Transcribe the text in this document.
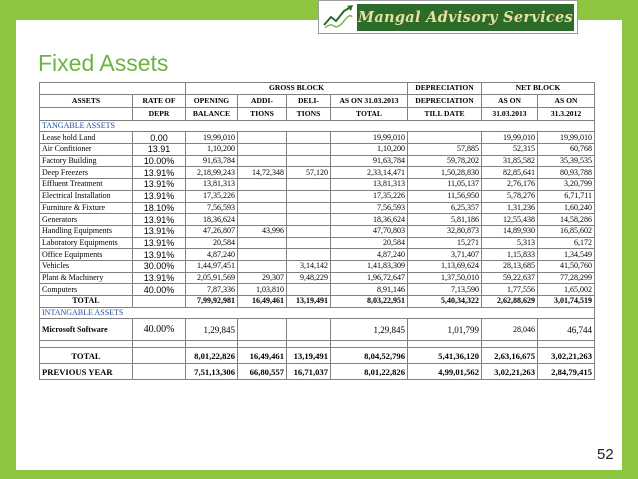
Mangal Advisory Services
Fixed Assets
		GROSS BLOCK				DEPRECIATION	NET BLOCK	
ASSETS	RATE OF	OPENING	ADDI-	DELI-	AS ON 31.03.2013	DEPRECIATION	AS ON	AS ON
	DEPR	BALANCE	TIONS	TIONS	TOTAL	TILL DATE	31.03.2013	31.3.2012
TANGABLE ASSETS								
Lease hold Land	0.00	19,99,010			19,99,010		19,99,010	19,99,010
Air Confitioner	13.91	1,10,200			1,10,200	57,885	52,315	60,768
Factory Building	10.00%	91,63,784			91,63,784	59,78,202	31,85,582	35,39,535
Deep Freezers	13.91%	2,18,99,243	14,72,348	57,120	2,33,14,471	1,50,28,830	82,85,641	80,93,788
Effluent Treatment	13.91%	13,81,313			13,81,313	11,05,137	2,76,176	3,20,799
Electrical Installation	13.91%	17,35,226			17,35,226	11,56,950	5,78,276	6,71,711
Furniture & Fixture	18.10%	7,56,593			7,56,593	6,25,357	1,31,236	1,60,240
Generators	13.91%	18,36,624			18,36,624	5,81,186	12,55,438	14,58,286
Handling Equipments	13.91%	47,26,807	43,996		47,70,803	32,80,873	14,89,930	16,85,602
Laboratory Equipments	13.91%	20,584			20,584	15,271	5,313	6,172
Office Equipments	13.91%	4,87,240			4,87,240	3,71,407	1,15,833	1,34,549
Vehicles	30.00%	1,44,97,451		3,14,142	1,41,83,309	1,13,69,624	28,13,685	41,50,760
Plant & Machinery	13.91%	2,05,91,569	29,307	9,48,229	1,96,72,647	1,37,50,010	59,22,637	77,28,299
Computers	40.00%	7,87,336	1,03,810		8,91,146	7,13,590	1,77,556	1,65,002
TOTAL		7,99,92,981	16,49,461	13,19,491	8,03,22,951	5,40,34,322	2,62,88,629	3,01,74,519
INTANGABLE ASSETS								
Microsoft Software	40.00%	1,29,845			1,29,845	1,01,799	28,046	46,744

TOTAL		8,01,22,826	16,49,461	13,19,491	8,04,52,796	5,41,36,120	2,63,16,675	3,02,21,263
PREVIOUS YEAR		7,51,13,306	66,80,557	16,71,037	8,01,22,826	4,99,01,562	3,02,21,263	2,84,79,415
52
